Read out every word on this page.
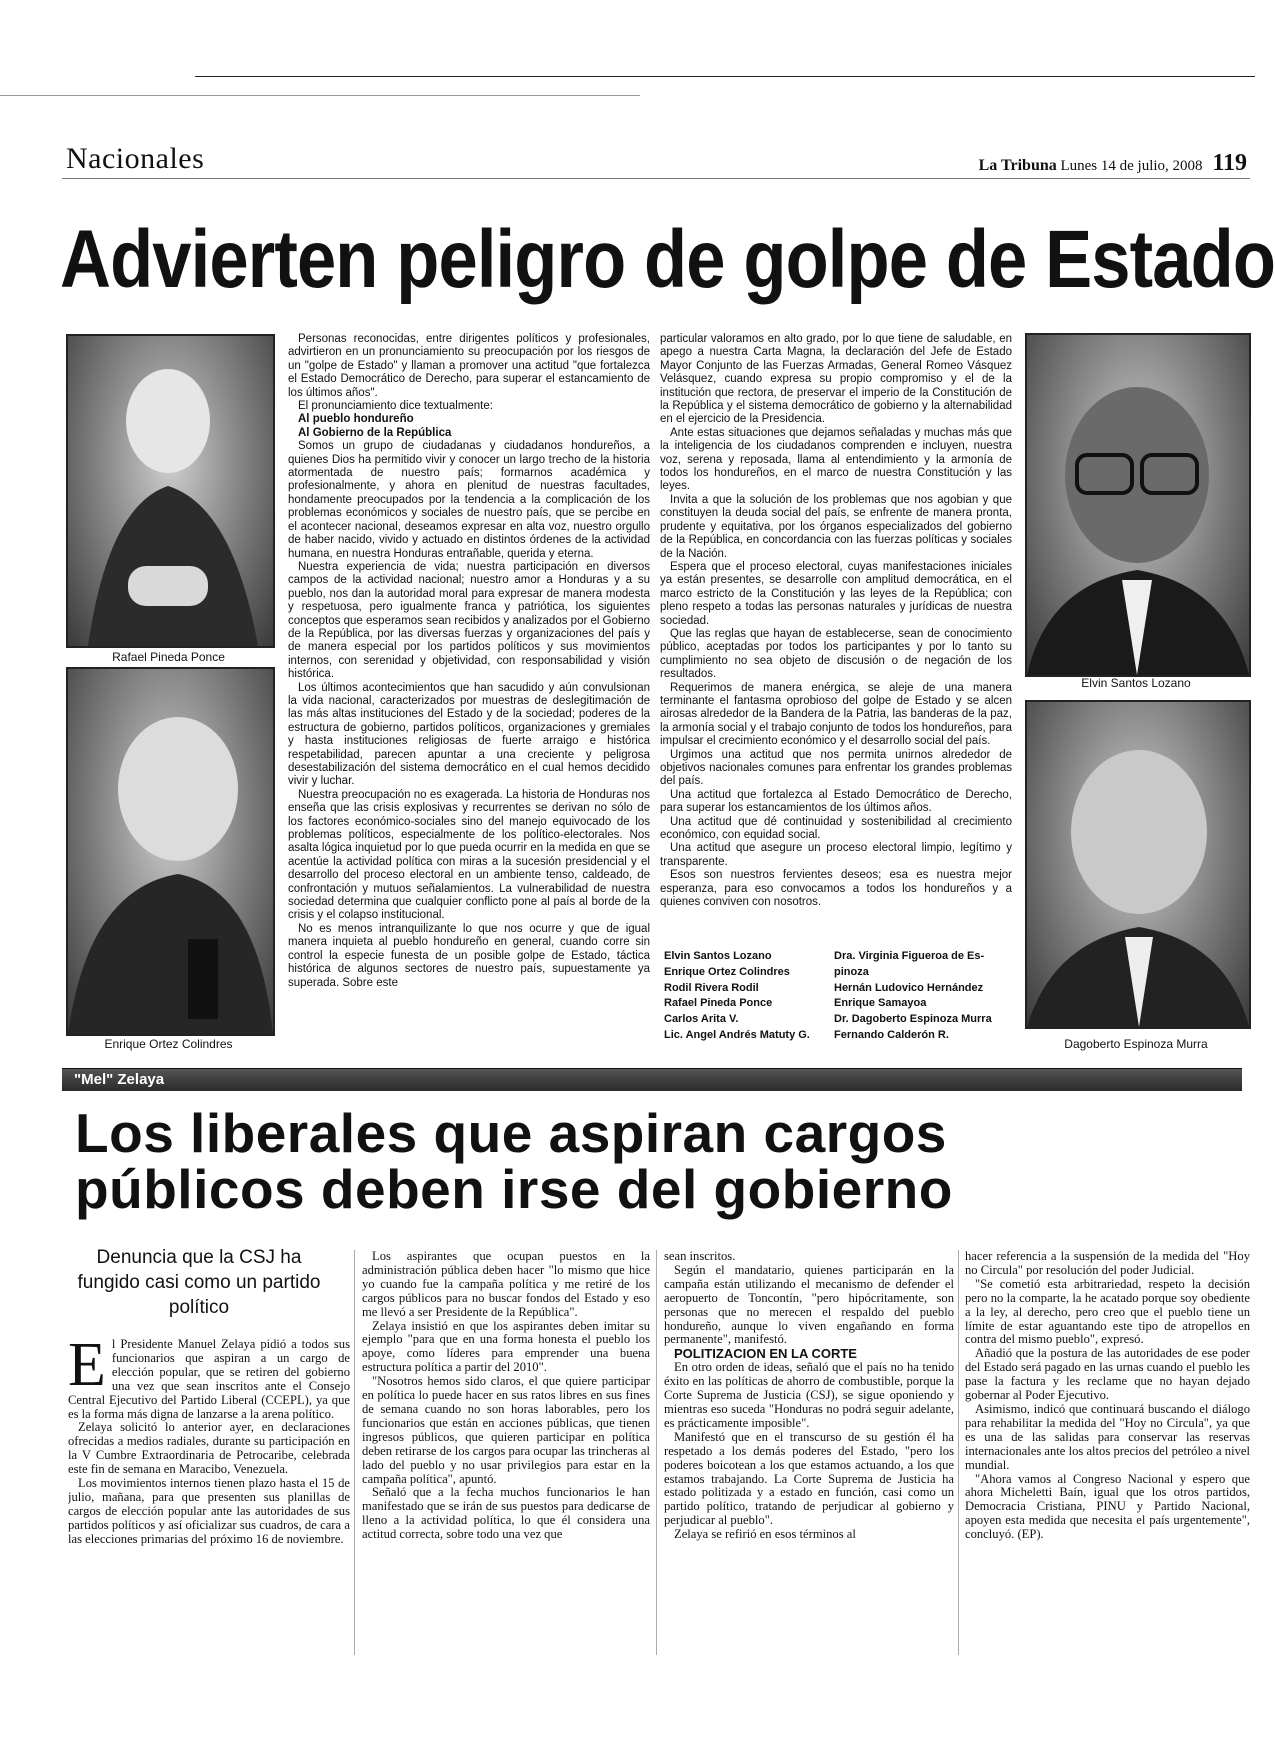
Nacionales	La Tribuna Lunes 14 de julio, 2008 119
Advierten peligro de golpe de Estado
Rafael Pineda Ponce
Enrique Ortez Colindres
Elvin Santos Lozano
Dagoberto Espinoza Murra

Personas reconocidas, entre dirigentes políticos y profesionales, advirtieron en un pronunciamiento su preocupación por los riesgos de un "golpe de Estado" y llaman a promover una actitud "que fortalezca el Estado Democrático de Derecho, para superar el estancamiento de los últimos años".

El pronunciamiento dice textualmente:

Al pueblo hondureño

Al Gobierno de la República

Somos un grupo de ciudadanas y ciudadanos hondureños, a quienes Dios ha permitido vivir y conocer un largo trecho de la historia atormentada de nuestro país; formarnos académica y profesionalmente, y ahora en plenitud de nuestras facultades, hondamente preocupados por la tendencia a la complicación de los problemas económicos y sociales de nuestro país, que se percibe en el acontecer nacional, deseamos expresar en alta voz, nuestro orgullo de haber nacido, vivido y actuado en distintos órdenes de la actividad humana, en nuestra Honduras entrañable, querida y eterna.

Nuestra experiencia de vida; nuestra participación en diversos campos de la actividad nacional; nuestro amor a Honduras y a su pueblo, nos dan la autoridad moral para expresar de manera modesta y respetuosa, pero igualmente franca y patriótica, los siguientes conceptos que esperamos sean recibidos y analizados por el Gobierno de la República, por las diversas fuerzas y organizaciones del país y de manera especial por los partidos políticos y sus movimientos internos, con serenidad y objetividad, con responsabilidad y visión histórica.

Los últimos acontecimientos que han sacudido y aún convulsionan la vida nacional, caracterizados por muestras de deslegitimación de las más altas instituciones del Estado y de la sociedad; poderes de la estructura de gobierno, partidos políticos, organizaciones y gremiales y hasta instituciones religiosas de fuerte arraigo e histórica respetabilidad, parecen apuntar a una creciente y peligrosa desestabilización del sistema democrático en el cual hemos decidido vivir y luchar.

Nuestra preocupación no es exagerada. La historia de Honduras nos enseña que las crisis explosivas y recurrentes se derivan no sólo de los factores económico-sociales sino del manejo equivocado de los problemas políticos, especialmente de los político-electorales. Nos asalta lógica inquietud por lo que pueda ocurrir en la medida en que se acentúe la actividad política con miras a la sucesión presidencial y el desarrollo del proceso electoral en un ambiente tenso, caldeado, de confrontación y mutuos señalamientos. La vulnerabilidad de nuestra sociedad determina que cualquier conflicto pone al país al borde de la crisis y el colapso institucional.

No es menos intranquilizante lo que nos ocurre y que de igual manera inquieta al pueblo hondureño en general, cuando corre sin control la especie funesta de un posible golpe de Estado, táctica histórica de algunos sectores de nuestro país, supuestamente ya superada. Sobre este

particular valoramos en alto grado, por lo que tiene de saludable, en apego a nuestra Carta Magna, la declaración del Jefe de Estado Mayor Conjunto de las Fuerzas Armadas, General Romeo Vásquez Velásquez, cuando expresa su propio compromiso y el de la institución que rectora, de preservar el imperio de la Constitución de la República y el sistema democrático de gobierno y la alternabilidad en el ejercicio de la Presidencia.

Ante estas situaciones que dejamos señaladas y muchas más que la inteligencia de los ciudadanos comprenden e incluyen, nuestra voz, serena y reposada, llama al entendimiento y la armonía de todos los hondureños, en el marco de nuestra Constitución y las leyes.

Invita a que la solución de los problemas que nos agobian y que constituyen la deuda social del país, se enfrente de manera pronta, prudente y equitativa, por los órganos especializados del gobierno de la República, en concordancia con las fuerzas políticas y sociales de la Nación.

Espera que el proceso electoral, cuyas manifestaciones iniciales ya están presentes, se desarrolle con amplitud democrática, en el marco estricto de la Constitución y las leyes de la República; con pleno respeto a todas las personas naturales y jurídicas de nuestra sociedad.

Que las reglas que hayan de establecerse, sean de conocimiento público, aceptadas por todos los participantes y por lo tanto su cumplimiento no sea objeto de discusión o de negación de los resultados.

Requerimos de manera enérgica, se aleje de una manera terminante el fantasma oprobioso del golpe de Estado y se alcen airosas alrededor de la Bandera de la Patria, las banderas de la paz, la armonía social y el trabajo conjunto de todos los hondureños, para impulsar el crecimiento económico y el desarrollo social del país.

Urgimos una actitud que nos permita unirnos alrededor de objetivos nacionales comunes para enfrentar los grandes problemas del país.

Una actitud que fortalezca al Estado Democrático de Derecho, para superar los estancamientos de los últimos años.

Una actitud que dé continuidad y sostenibilidad al crecimiento económico, con equidad social.

Una actitud que asegure un proceso electoral limpio, legítimo y transparente.

Esos son nuestros fervientes deseos; esa es nuestra mejor esperanza, para eso convocamos a todos los hondureños y a quienes conviven con nosotros.

Elvin Santos Lozano
Enrique Ortez Colindres
Rodil Rivera Rodil
Rafael Pineda Ponce
Carlos Arita V.
Lic. Angel Andrés Matuty G.
Dra. Virginia Figueroa de Es-
pinoza
Hernán Ludovico Hernández
Enrique Samayoa
Dr. Dagoberto Espinoza Murra
Fernando Calderón R.
"Mel" Zelaya
Los liberales que aspiran cargos
públicos deben irse del gobierno
Denuncia que la CSJ ha fungido casi como un partido político

El Presidente Manuel Zelaya pidió a todos sus funcionarios que aspiran a un cargo de elección popular, que se retiren del gobierno una vez que sean inscritos ante el Consejo Central Ejecutivo del Partido Liberal (CCEPL), ya que es la forma más digna de lanzarse a la arena político.

Zelaya solicitó lo anterior ayer, en declaraciones ofrecidas a medios radiales, durante su participación en la V Cumbre Extraordinaria de Petrocaribe, celebrada este fin de semana en Maracibo, Venezuela.

Los movimientos internos tienen plazo hasta el 15 de julio, mañana, para que presenten sus planillas de cargos de elección popular ante las autoridades de sus partidos políticos y así oficializar sus cuadros, de cara a las elecciones primarias del próximo 16 de noviembre.

Los aspirantes que ocupan puestos en la administración pública deben hacer "lo mismo que hice yo cuando fue la campaña política y me retiré de los cargos públicos para no buscar fondos del Estado y eso me llevó a ser Presidente de la República".

Zelaya insistió en que los aspirantes deben imitar su ejemplo "para que en una forma honesta el pueblo los apoye, como líderes para emprender una buena estructura política a partir del 2010".

"Nosotros hemos sido claros, el que quiere participar en política lo puede hacer en sus ratos libres en sus fines de semana cuando no son horas laborables, pero los funcionarios que están en acciones públicas, que tienen ingresos públicos, que quieren participar en política deben retirarse de los cargos para ocupar las trincheras al lado del pueblo y no usar privilegios para estar en la campaña política", apuntó.

Señaló que a la fecha muchos funcionarios le han manifestado que se irán de sus puestos para dedicarse de lleno a la actividad política, lo que él considera una actitud correcta, sobre todo una vez que

sean inscritos.

Según el mandatario, quienes participarán en la campaña están utilizando el mecanismo de defender el aeropuerto de Toncontín, "pero hipócritamente, son personas que no merecen el respaldo del pueblo hondureño, aunque lo viven engañando en forma permanente", manifestó.

POLITIZACION EN LA CORTE

En otro orden de ideas, señaló que el país no ha tenido éxito en las políticas de ahorro de combustible, porque la Corte Suprema de Justicia (CSJ), se sigue oponiendo y mientras eso suceda "Honduras no podrá seguir adelante, es prácticamente imposible".

Manifestó que en el transcurso de su gestión él ha respetado a los demás poderes del Estado, "pero los poderes boicotean a los que estamos actuando, a los que estamos trabajando. La Corte Suprema de Justicia ha estado politizada y a estado en función, casi como un partido político, tratando de perjudicar al gobierno y perjudicar al pueblo".

Zelaya se refirió en esos términos al

hacer referencia a la suspensión de la medida del "Hoy no Circula" por resolución del poder Judicial.

"Se cometió esta arbitrariedad, respeto la decisión pero no la comparte, la he acatado porque soy obediente a la ley, al derecho, pero creo que el pueblo tiene un límite de estar aguantando este tipo de atropellos en contra del mismo pueblo", expresó.

Añadió que la postura de las autoridades de ese poder del Estado será pagado en las urnas cuando el pueblo les pase la factura y les reclame que no hayan dejado gobernar al Poder Ejecutivo.

Asimismo, indicó que continuará buscando el diálogo para rehabilitar la medida del "Hoy no Circula", ya que es una de las salidas para conservar las reservas internacionales ante los altos precios del petróleo a nivel mundial.

"Ahora vamos al Congreso Nacional y espero que ahora Micheletti Baín, igual que los otros partidos, Democracia Cristiana, PINU y Partido Nacional, apoyen esta medida que necesita el país urgentemente", concluyó. (EP).
